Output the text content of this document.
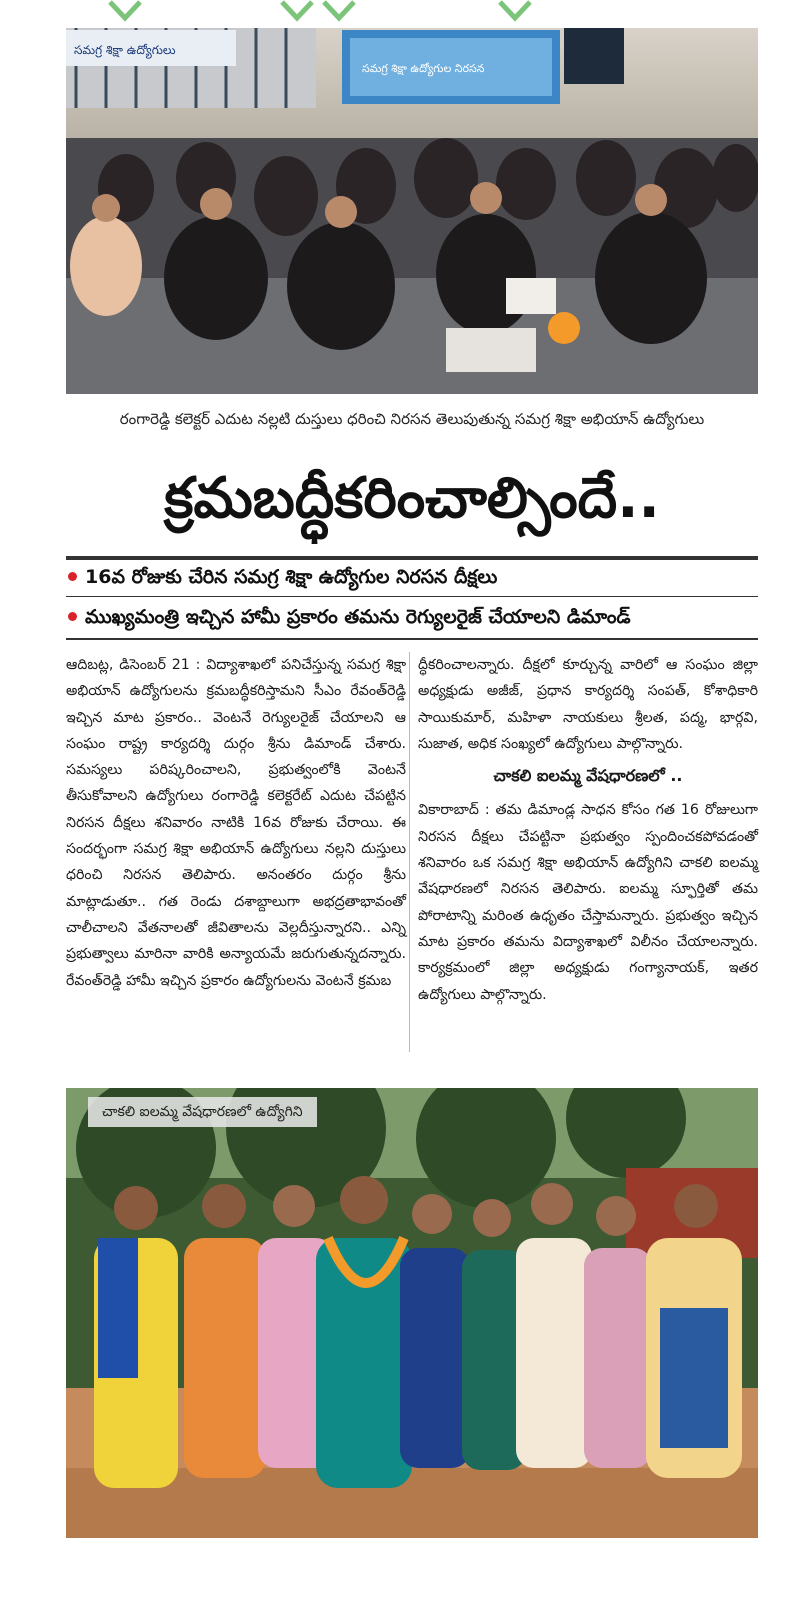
సమగ్ర శిక్షా ఉద్యోగులు
సమగ్ర శిక్షా ఉద్యోగుల నిరసన
రంగారెడ్డి కలెక్టర్ ఎదుట నల్లటి దుస్తులు ధరించి నిరసన తెలుపుతున్న సమగ్ర శిక్షా అభియాన్ ఉద్యోగులు
క్రమబద్ధీకరించాల్సిందే..
16వ రోజుకు చేరిన సమగ్ర శిక్షా ఉద్యోగుల నిరసన దీక్షలు
ముఖ్యమంత్రి ఇచ్చిన హామీ ప్రకారం తమను రెగ్యులరైజ్ చేయాలని డిమాండ్
ఆదిబట్ల, డిసెంబర్ 21 : విద్యాశాఖలో పనిచేస్తున్న సమగ్ర శిక్షా అభియాన్ ఉద్యోగులను క్రమబద్ధీకరిస్తామని సీఎం రేవంత్‌రెడ్డి ఇచ్చిన మాట ప్రకారం.. వెంటనే రెగ్యులరైజ్ చేయాలని ఆ సంఘం రాష్ట్ర కార్యదర్శి దుర్గం శ్రీను డిమాండ్ చేశారు. సమస్యలు పరిష్కరించాలని, ప్రభుత్వంలోకి వెంటనే తీసుకోవాలని ఉద్యోగులు రంగారెడ్డి కలెక్టరేట్ ఎదుట చేపట్టిన నిరసన దీక్షలు శనివారం నాటికి 16వ రోజుకు చేరాయి. ఈ సందర్భంగా సమగ్ర శిక్షా అభియాన్ ఉద్యోగులు నల్లని దుస్తులు ధరించి నిరసన తెలిపారు. అనంతరం దుర్గం శ్రీను మాట్లాడుతూ.. గత రెండు దశాబ్దాలుగా అభద్రతాభావంతో చాలీచాలని వేతనాలతో జీవితాలను వెల్లదీస్తున్నారని.. ఎన్ని ప్రభుత్వాలు మారినా వారికి అన్యాయమే జరుగుతున్నదన్నారు. రేవంత్‌రెడ్డి హామీ ఇచ్చిన ప్రకారం ఉద్యోగులను వెంటనే క్రమబ

ద్ధీకరించాలన్నారు. దీక్షలో కూర్చున్న వారిలో ఆ సంఘం జిల్లా అధ్యక్షుడు అజీజ్, ప్రధాన కార్యదర్శి సంపత్, కోశాధికారి సాయికుమార్, మహిళా నాయకులు శ్రీలత, పద్మ, భార్గవి, సుజాత, అధిక సంఖ్యలో ఉద్యోగులు పాల్గొన్నారు.

చాకలి ఐలమ్మ వేషధారణలో ..

వికారాబాద్ : తమ డిమాండ్ల సాధన కోసం గత 16 రోజులుగా నిరసన దీక్షలు చేపట్టినా ప్రభుత్వం స్పందించకపోవడంతో శనివారం ఒక సమగ్ర శిక్షా అభియాన్ ఉద్యోగిని చాకలి ఐలమ్మ వేషధారణలో నిరసన తెలిపారు. ఐలమ్మ స్ఫూర్తితో తమ పోరాటాన్ని మరింత ఉధృతం చేస్తామన్నారు. ప్రభుత్వం ఇచ్చిన మాట ప్రకారం తమను విద్యాశాఖలో విలీనం చేయాలన్నారు. కార్యక్రమంలో జిల్లా అధ్యక్షుడు గంగ్యానాయక్, ఇతర ఉద్యోగులు పాల్గొన్నారు.

చాకలి ఐలమ్మ వేషధారణలో ఉద్యోగిని
